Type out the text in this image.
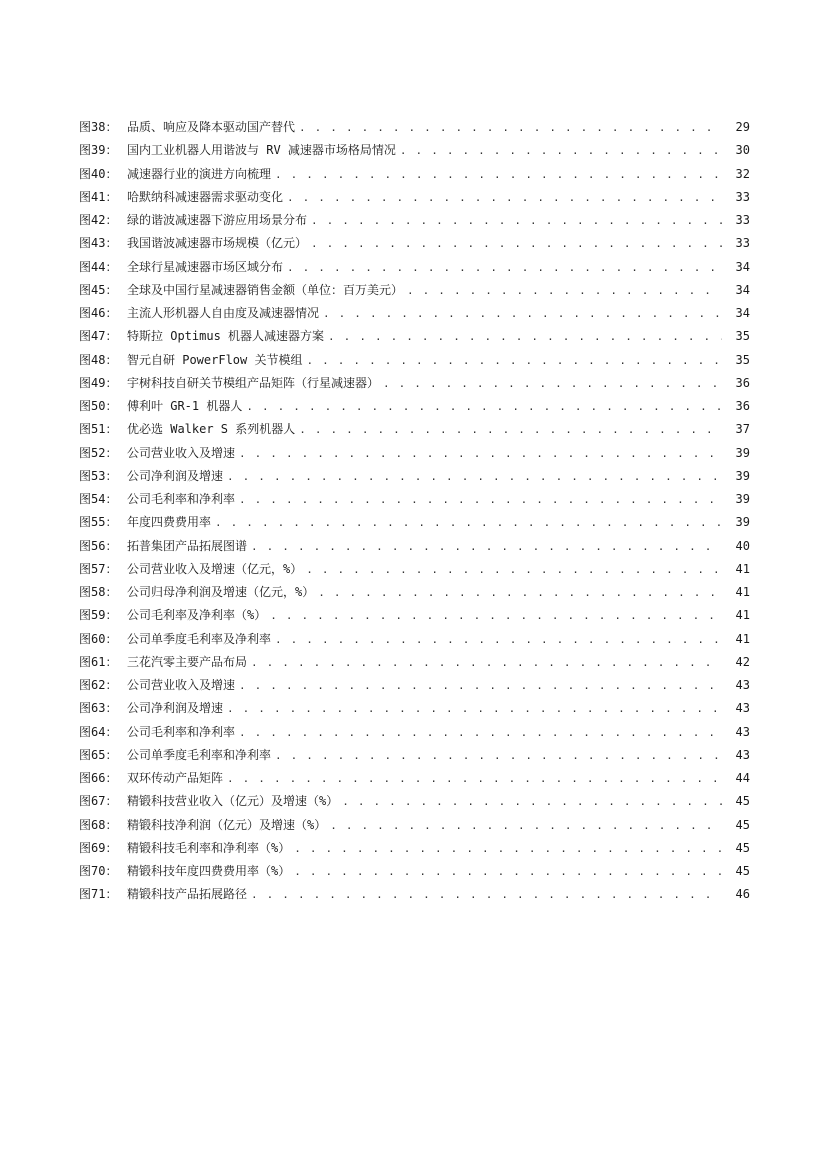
图38： 品质、响应及降本驱动国产替代 . . .	29
图39： 国内工业机器人用谐波与 RV 减速器市场格局情况 . . .	30
图40： 减速器行业的演进方向梳理 . . .	32
图41： 哈默纳科减速器需求驱动变化 . . .	33
图42： 绿的谐波减速器下游应用场景分布 . . .	33
图43： 我国谐波减速器市场规模（亿元） . . .	33
图44： 全球行星减速器市场区域分布 . . .	34
图45： 全球及中国行星减速器销售金额（单位：百万美元） . . .	34
图46： 主流人形机器人自由度及减速器情况 . . .	34
图47： 特斯拉 Optimus 机器人减速器方案 . . .	35
图48： 智元自研 PowerFlow 关节模组 . . .	35
图49： 宇树科技自研关节模组产品矩阵（行星减速器） . . .	36
图50： 傅利叶 GR-1 机器人 . . .	36
图51： 优必选 Walker S 系列机器人 . . .	37
图52： 公司营业收入及增速 . . .	39
图53： 公司净利润及增速 . . .	39
图54： 公司毛利率和净利率 . . .	39
图55： 年度四费费用率 . . .	39
图56： 拓普集团产品拓展图谱 . . .	40
图57： 公司营业收入及增速（亿元，%） . . .	41
图58： 公司归母净利润及增速（亿元，%） . . .	41
图59： 公司毛利率及净利率（%） . . .	41
图60： 公司单季度毛利率及净利率 . . .	41
图61： 三花汽零主要产品布局 . . .	42
图62： 公司营业收入及增速 . . .	43
图63： 公司净利润及增速 . . .	43
图64： 公司毛利率和净利率 . . .	43
图65： 公司单季度毛利率和净利率 . . .	43
图66： 双环传动产品矩阵 . . .	44
图67： 精锻科技营业收入（亿元）及增速（%） . . .	45
图68： 精锻科技净利润（亿元）及增速（%） . . .	45
图69： 精锻科技毛利率和净利率（%） . . .	45
图70： 精锻科技年度四费费用率（%） . . .	45
图71： 精锻科技产品拓展路径 . . .	46
